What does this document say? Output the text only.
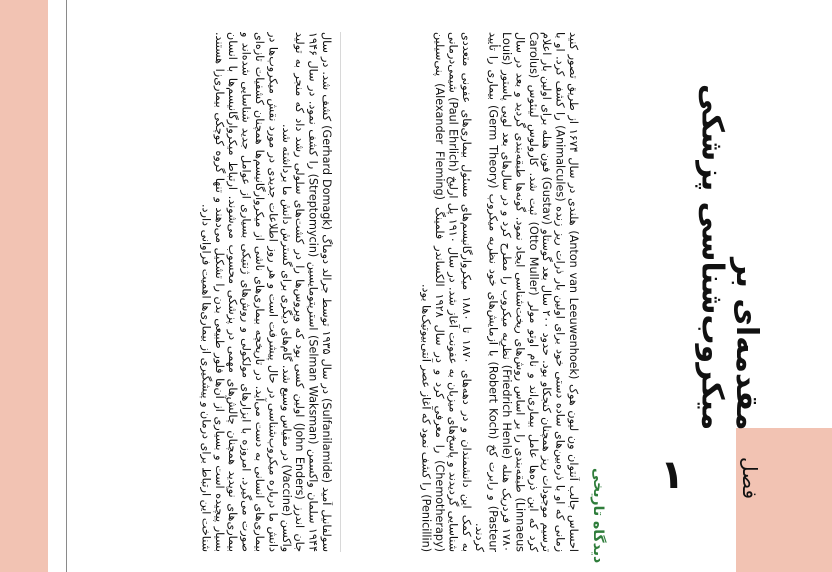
فصل
۱
مقدمه‌ای بر میکروب‌شناسی پزشکی
دیدگاه تاریخی
احساس جالب آنتوان ون لیون هوک (Anton van Leeuwenhoek) هلندی در سال ۱۶۷۴ از طریق تصور کنید زمانی که او با ذره‌بین‌های ساده دستی خود برای اولین بار ذرات ریز زنده (Animalcules) را کشف کرد. او با ترسیم موجودات ریز همچنان کنجکاو بود. حدود ۲۰۰ سال بعد گوستاو (Gustav) فون هنله برای اولین بار اعلام کرد که این ذره‌ها عامل بیماری‌اند و نام اوتو مولر (Otto Muller) ثبت شد. کارولوس لینئوس (Carolus Linnaeus) طبقه‌بندی را بر اساس روش‌های ریخت‌شناسی ایجاد نمود. گونه‌ها طبقه‌بندی گردید و بعد در سال ۱۷۸۰ فردریک هنله (Friedrich Henle) نظریه میکروب را مطرح کرد و در سال‌های بعد لویی پاستور (Louis Pasteur) و رابرت کخ (Robert Koch) با آزمایش‌های خود نظریه میکروب (Germ Theory) بیماری را تأیید کردند.
به کمک این دانشمندان و در دهه‌های ۱۸۷۰ تا ۱۸۸۰ میکروارگانیسم‌های مسئول بیماری‌های عفونی متعددی شناسایی گردیدند و پاسخ‌های میزبان به عفونت آغاز شد. در سال ۱۹۱۰ پل ارلیخ (Paul Ehrlich) شیمی‌درمانی (Chemotherapy) را معرفی کرد و در سال ۱۹۲۸ الکساندر فلمینگ (Alexander Fleming) پنی‌سیلین (Penicillin) را کشف نمود که آغاز عصر آنتی‌بیوتیک‌ها بود.
سولفانیل آمید (Sulfanilamide) در سال ۱۹۳۵ توسط جرالد دوماگ (Gerhard Domagk) کشف شد. در سال ۱۹۴۴ سلمان واکسمن (Selman Waksman) استرپتومایسین (Streptomycin) را کشف نمود. در سال ۱۹۴۶ جان اندرز (John Enders) اولین کسی بود که ویروس‌ها را در کشت‌های سلولی رشد داد که منجر به تولید واکسن (Vaccine) در مقیاس وسیع شد. گام‌های دیگری برای گسترش دانش ما برداشته شد.
دانش ما درباره میکروب‌شناسی در حال پیشرفت است و هر روز اطلاعات جدیدی در مورد نقش میکروب‌ها در بیماری‌های انسانی به دست می‌آید. در تاریخچه بیماری‌های ناشی از میکروارگانیسم‌ها همچنان کشفیات تازه‌ای صورت می‌گیرد. امروزه با ابزارهای مولکولی و روش‌های ژنتیکی بسیاری از عوامل جدید شناسایی شده‌اند و بیماری‌های نوپدید همچنان چالش‌های مهمی در پزشکی محسوب می‌شوند. ارتباط میکروارگانیسم‌ها با انسان بسیار پیچیده است و بسیاری از آن‌ها فلور طبیعی بدن را تشکیل می‌دهند و تنها گروه کوچکی بیماری‌زا هستند. شناخت این ارتباط برای درمان و پیشگیری از بیماری‌ها اهمیت فراوانی دارد.
